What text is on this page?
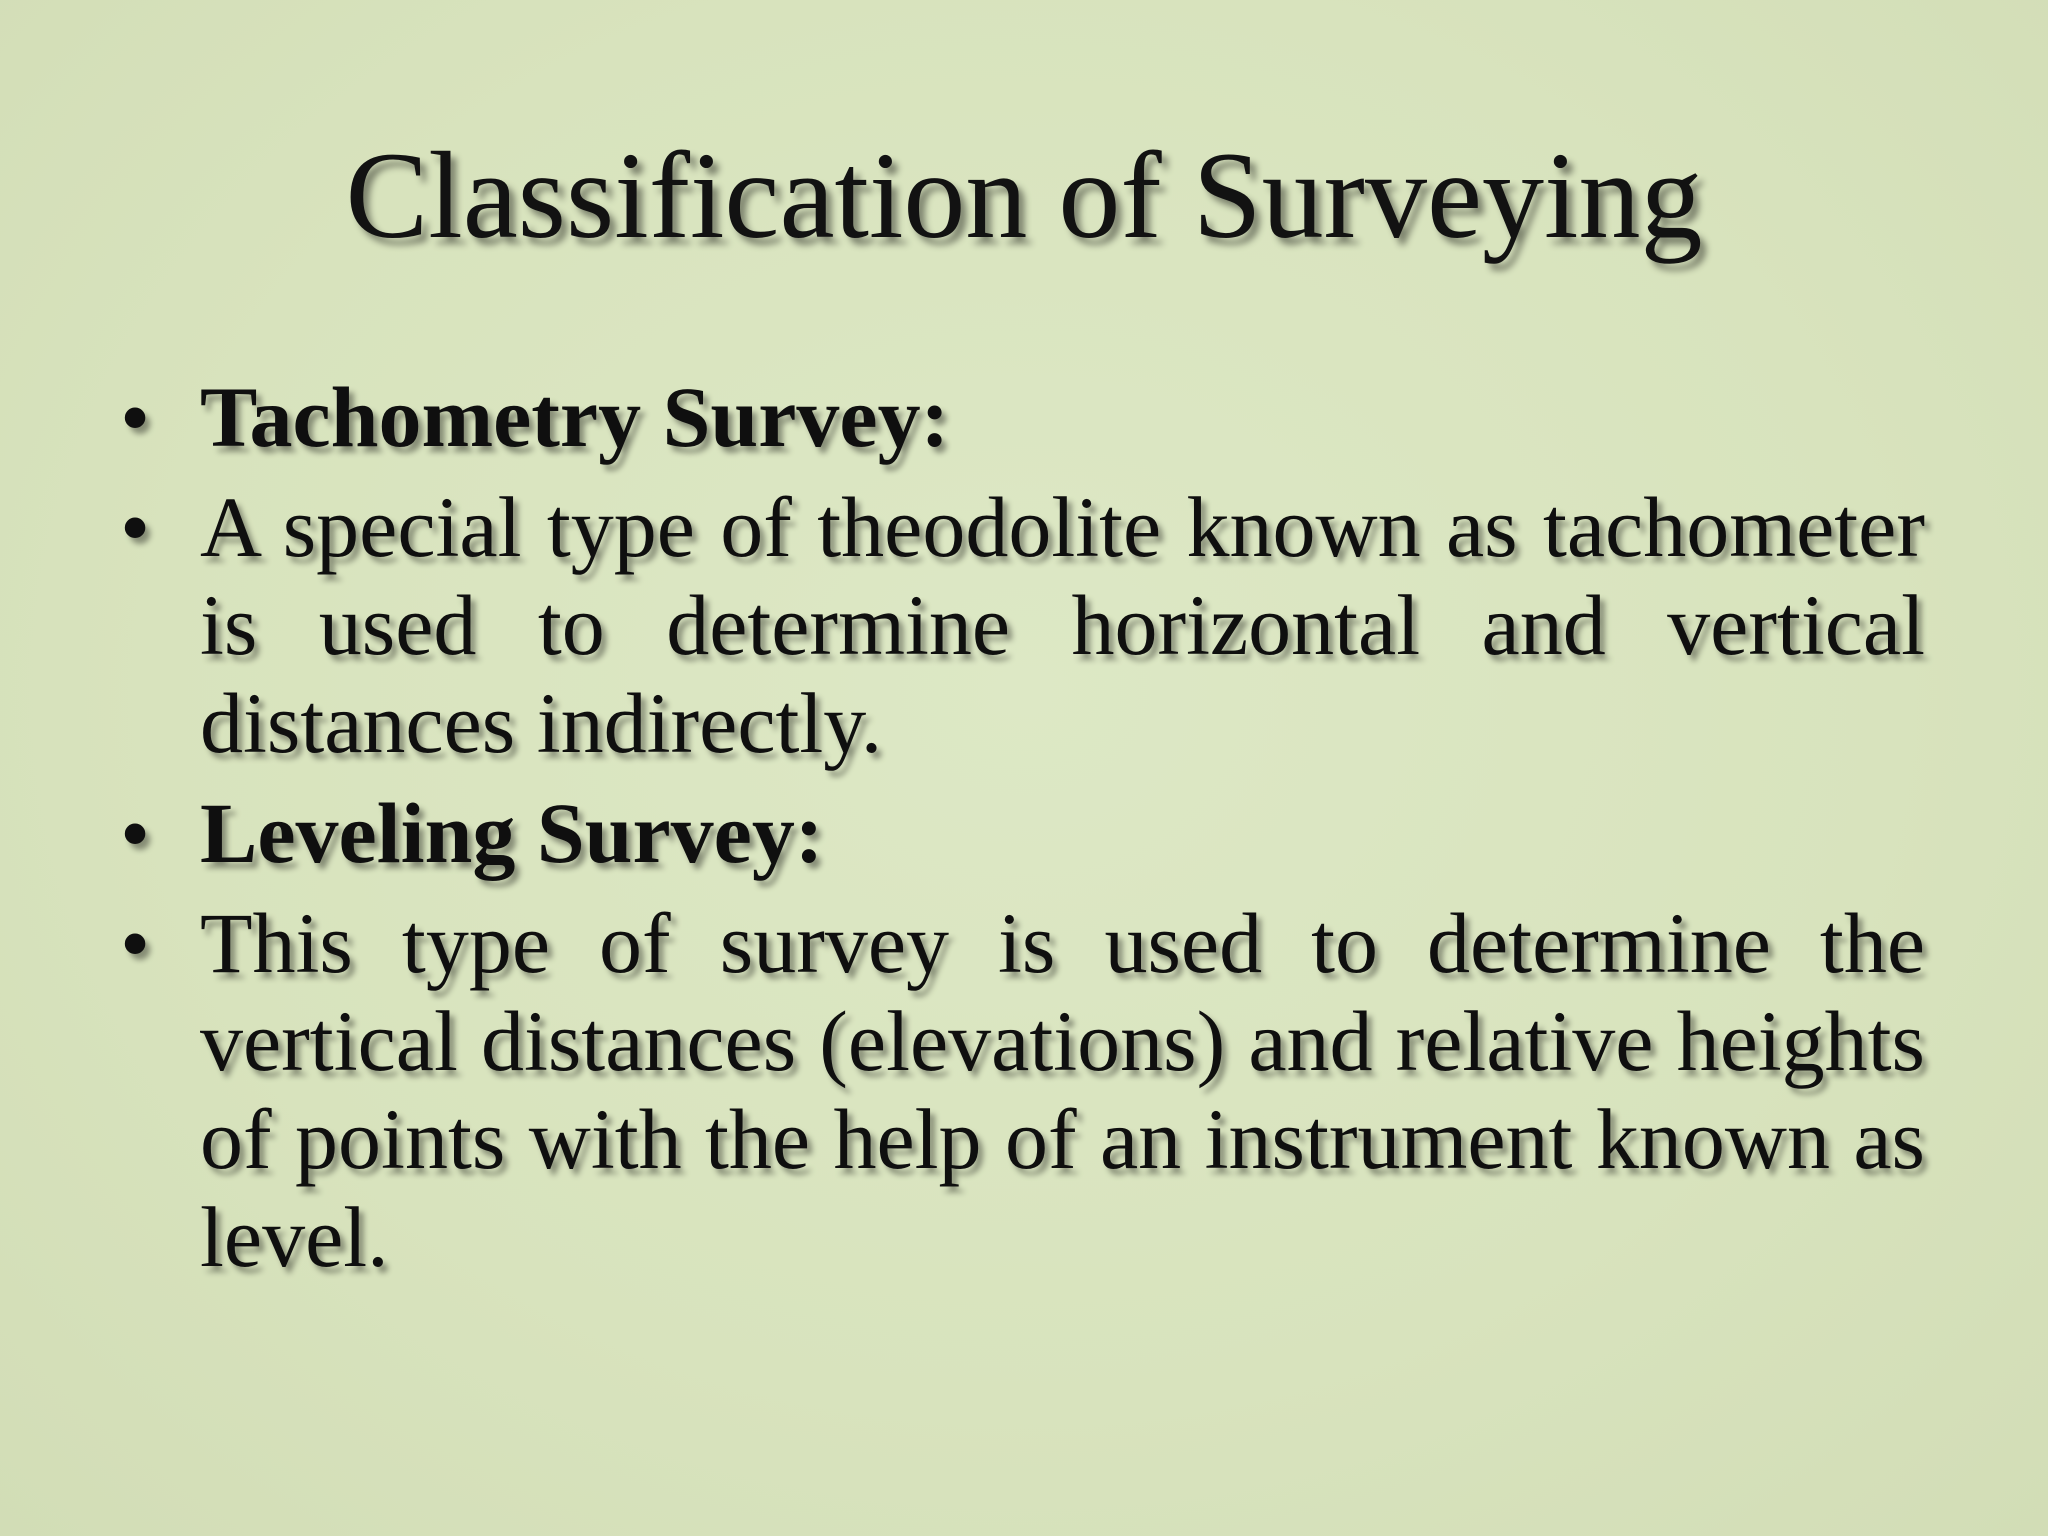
Classification of Surveying
• Tachometry Survey:
• A special type of theodolite known as tachometer is used to determine horizontal and vertical distances indirectly.
• Leveling Survey:
• This type of survey is used to determine the vertical distances (elevations) and relative heights of points with the help of an instrument known as level.
